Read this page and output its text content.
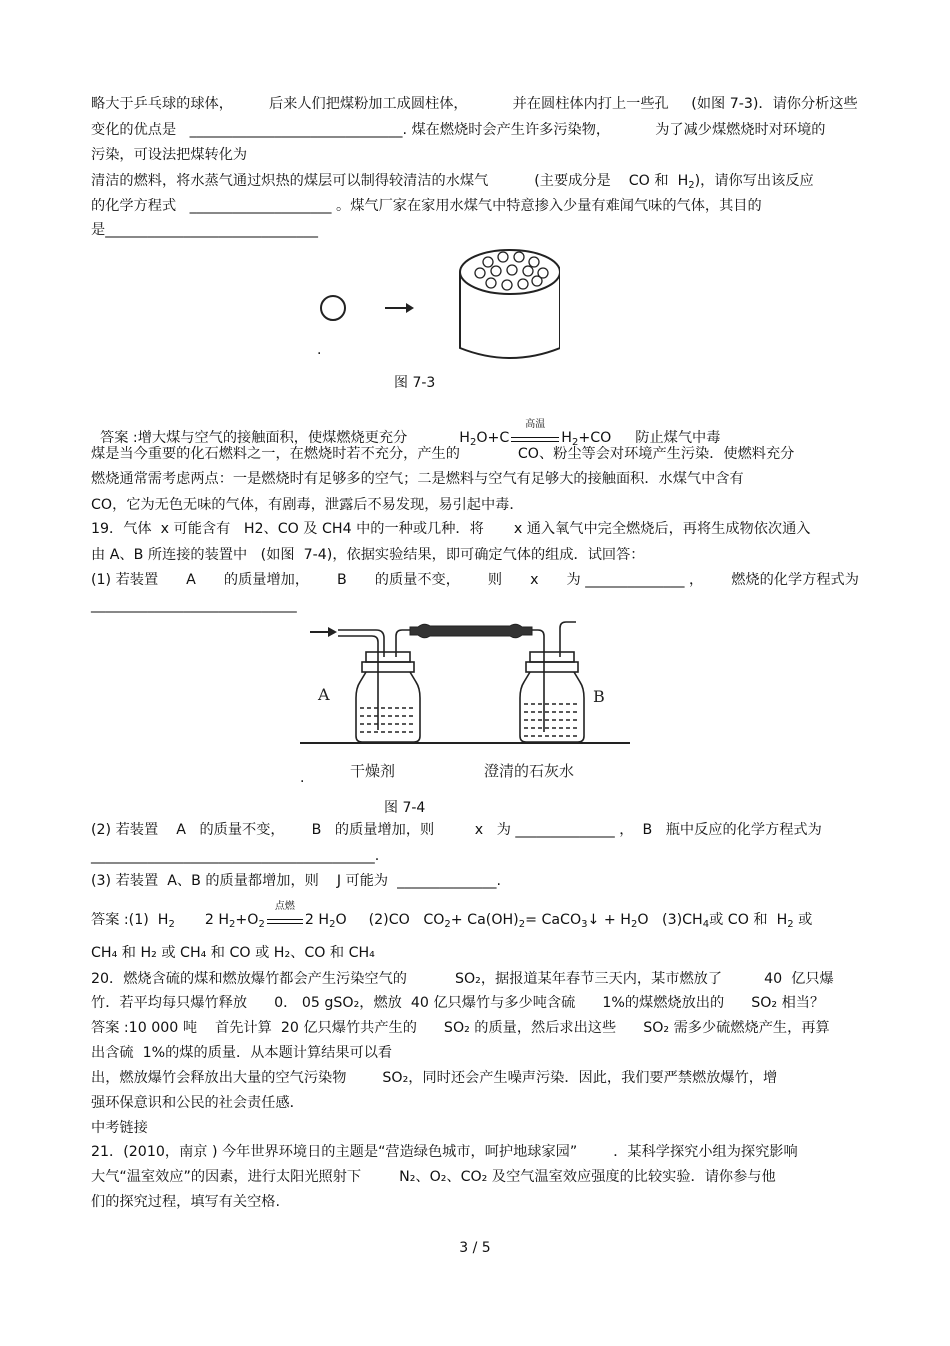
略大于乒乓球的球体，        后来人们把煤粉加工成圆柱体，          并在圆柱体内打上一些孔     (如图 7-3)．请你分析这些
变化的优点是   ______________________________. 煤在燃烧时会产生许多污染物，          为了减少煤燃烧时对环境的
污染，可设法把煤转化为
清洁的燃料，将水蒸气通过炽热的煤层可以制得较清洁的水煤气	(主要成分是    CO 和  $H_2$)，请你写出该反应
的化学方程式   ____________________ 。煤气厂家在家用水煤气中特意掺入少量有难闻气味的气体，其目的
是______________________________
.
图 7-3

答案 :增大煤与空气的接触面积，使煤燃烧更充分	$H_2O+C$
高温
$H_2+CO$ 防止煤气中毒

煤是当今重要的化石燃料之一，在燃烧时若不充分，产生的	CO、粉尘等会对环境产生污染．使燃料充分
燃烧通常需考虑两点：一是燃烧时有足够多的空气；二是燃料与空气有足够大的接触面积．水煤气中含有
CO，它为无色无味的气体，有剧毒，泄露后不易发现，易引起中毒．
19．气体  x 可能含有   H2、CO 及 CH4 中的一种或几种．将 x 通入氧气中完全燃烧后，再将生成物依次通入
由 A、B 所连接的装置中   (如图  7-4)，依据实验结果，即可确定气体的组成．试回答：
(1) 若装置 A 的质量增加， B 的质量不变， 则 x 为 ______________ ， 燃烧的化学方程式为
_____________________________
A	B
干燥剂	澄清的石灰水
.
图 7-4
(2) 若装置    A   的质量不变，      B   的质量增加，则         x   为 ______________ ，  B   瓶中反应的化学方程式为
________________________________________.
(3) 若装置  A、B 的质量都增加，则    J 可能为  ______________.
答案 :(1)  $H_2$ 2 $H_2+O_2$
点燃
2 $H_2O$ (2)CO   $CO_2+ Ca(OH)_2=$ CaCO$_3$↓ + $H_2O$   $(3)CH_4$或 CO 和  $H_2$ 或
CH₄ 和 H₂ 或 CH₄ 和 CO 或 H₂、CO 和 CH₄
20．燃烧含硫的煤和燃放爆竹都会产生污染空气的	SO₂，据报道某年春节三天内，某市燃放了	40  亿只爆
竹．若平均每只爆竹释放      0． 05 gSO₂，燃放  40 亿只爆竹与多少吨含硫      1%的煤燃烧放出的      SO₂ 相当？
答案 :10 000 吨    首先计算  20 亿只爆竹共产生的      SO₂ 的质量，然后求出这些      SO₂ 需多少硫燃烧产生，再算
出含硫  1%的煤的质量．从本题计算结果可以看
出，燃放爆竹会释放出大量的空气污染物	SO₂，同时还会产生噪声污染．因此，我们要严禁燃放爆竹，增
强环保意识和公民的社会责任感．
中考链接
21．(2010，南京 ) 今年世界环境日的主题是“营造绿色城市，呵护地球家园”	．某科学探究小组为探究影响
大气“温室效应”的因素，进行太阳光照射下	N₂、O₂、CO₂ 及空气温室效应强度的比较实验．请你参与他
们的探究过程，填写有关空格.
3 / 5
